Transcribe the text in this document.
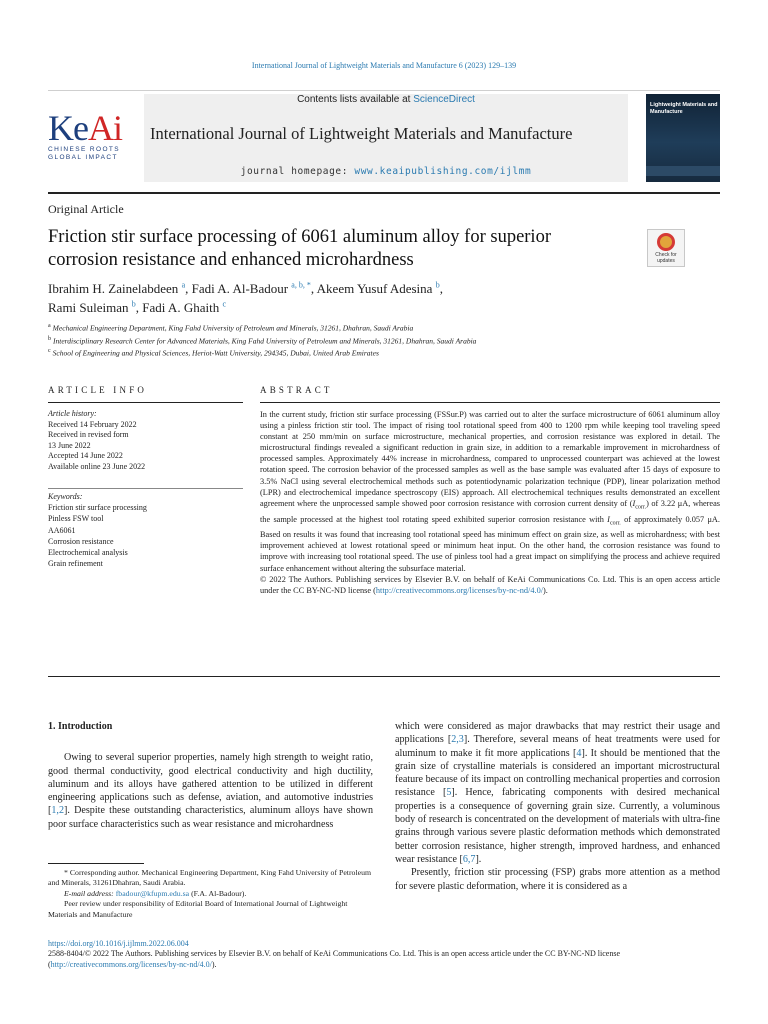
International Journal of Lightweight Materials and Manufacture 6 (2023) 129–139
KeAi
CHINESE ROOTS
GLOBAL IMPACT
Contents lists available at ScienceDirect
International Journal of Lightweight Materials and Manufacture
journal homepage: www.keaipublishing.com/ijlmm
Lightweight Materials and Manufacture
Original Article
Friction stir surface processing of 6061 aluminum alloy for superior corrosion resistance and enhanced microhardness	Check for updates
Ibrahim H. Zainelabdeen $^a$, Fadi A. Al-Badour $^{a, b, *}$, Akeem Yusuf Adesina $^b$,
Rami Suleiman $^b$, Fadi A. Ghaith $^c$
$^a$ Mechanical Engineering Department, King Fahd University of Petroleum and Minerals, 31261, Dhahran, Saudi Arabia
$^b$ Interdisciplinary Research Center for Advanced Materials, King Fahd University of Petroleum and Minerals, 31261, Dhahran, Saudi Arabia
$^c$ School of Engineering and Physical Sciences, Heriot-Watt University, 294345, Dubai, United Arab Emirates
ARTICLE INFO
Article history:
Received 14 February 2022
Received in revised form
13 June 2022
Accepted 14 June 2022
Available online 23 June 2022
Keywords:
Friction stir surface processing
Pinless FSW tool
AA6061
Corrosion resistance
Electrochemical analysis
Grain refinement
ABSTRACT

In the current study, friction stir surface processing (FSSur.P) was carried out to alter the surface microstructure of 6061 aluminum alloy using a pinless friction stir tool. The impact of rising tool rotational speed from 400 to 1200 rpm while keeping tool traveling speed constant at 250 mm/min on surface microstructure, mechanical properties, and corrosion resistance was explored in detail. The microstructural findings revealed a significant reduction in grain size, in addition to a remarkable improvement in microhardness of processed samples. Approximately 44% increase in microhardness, compared to unprocessed counterpart was achieved at the lowest rotation speed. The corrosion behavior of the processed samples as well as the base sample was evaluated after 15 days of exposure to 3.5% NaCl using several electrochemical methods such as potentiodynamic polarization technique (PDP), linear polarization method (LPR) and electrochemical impedance spectroscopy (EIS) approach. All electrochemical techniques results demonstrated an excellent agreement where the unprocessed sample showed poor corrosion resistance with corrosion current density of $(I_{corr.})$ of 3.22 μA, whereas the sample processed at the highest tool rotating speed exhibited superior corrosion resistance with $I_{corr.}$ of approximately 0.057 μA. Based on results it was found that increasing tool rotational speed has minimum effect on grain size, as well as microhardness; with best improvement achieved at lowest rotational speed or minimum heat input. On the other hand, the corrosion resistance was found to improve with increasing tool rotational speed. The use of pinless tool had a great impact on simplifying the process and achieve required surface enhancement without altering the subsurface material.

© 2022 The Authors. Publishing services by Elsevier B.V. on behalf of KeAi Communications Co. Ltd. This is an open access article under the CC BY-NC-ND license (http://creativecommons.org/licenses/by-nc-nd/4.0/).

1. Introduction

Owing to several superior properties, namely high strength to weight ratio, good thermal conductivity, good electrical conductivity and high ductility, aluminum and its alloys have gathered attention to be utilized in different engineering applications such as defense, aviation, and automotive industries [1,2]. Despite these outstanding characteristics, aluminum alloys have shown poor surface characteristics such as wear resistance and microhardness

* Corresponding author. Mechanical Engineering Department, King Fahd University of Petroleum and Minerals, 31261Dhahran, Saudi Arabia.

E-mail address: fbadour@kfupm.edu.sa (F.A. Al-Badour).

Peer review under responsibility of Editorial Board of International Journal of Lightweight Materials and Manufacture

which were considered as major drawbacks that may restrict their usage and applications [2,3]. Therefore, several means of heat treatments were used for aluminum to make it fit more applications [4]. It should be mentioned that the grain size of crystalline materials is considered an important microstructural feature because of its impact on controlling mechanical properties and corrosion resistance [5]. Hence, fabricating components with desired mechanical properties is a consequence of governing grain size. Currently, a voluminous body of research is concentrated on the development of materials with ultra-fine grains through various severe plastic deformation methods which demonstrated better corrosion resistance, higher strength, improved hardness, and enhanced wear resistance [6,7].

Presently, friction stir processing (FSP) grabs more attention as a method for severe plastic deformation, where it is considered as a

https://doi.org/10.1016/j.ijlmm.2022.06.004
2588-8404/© 2022 The Authors. Publishing services by Elsevier B.V. on behalf of KeAi Communications Co. Ltd. This is an open access article under the CC BY-NC-ND license (http://creativecommons.org/licenses/by-nc-nd/4.0/).
